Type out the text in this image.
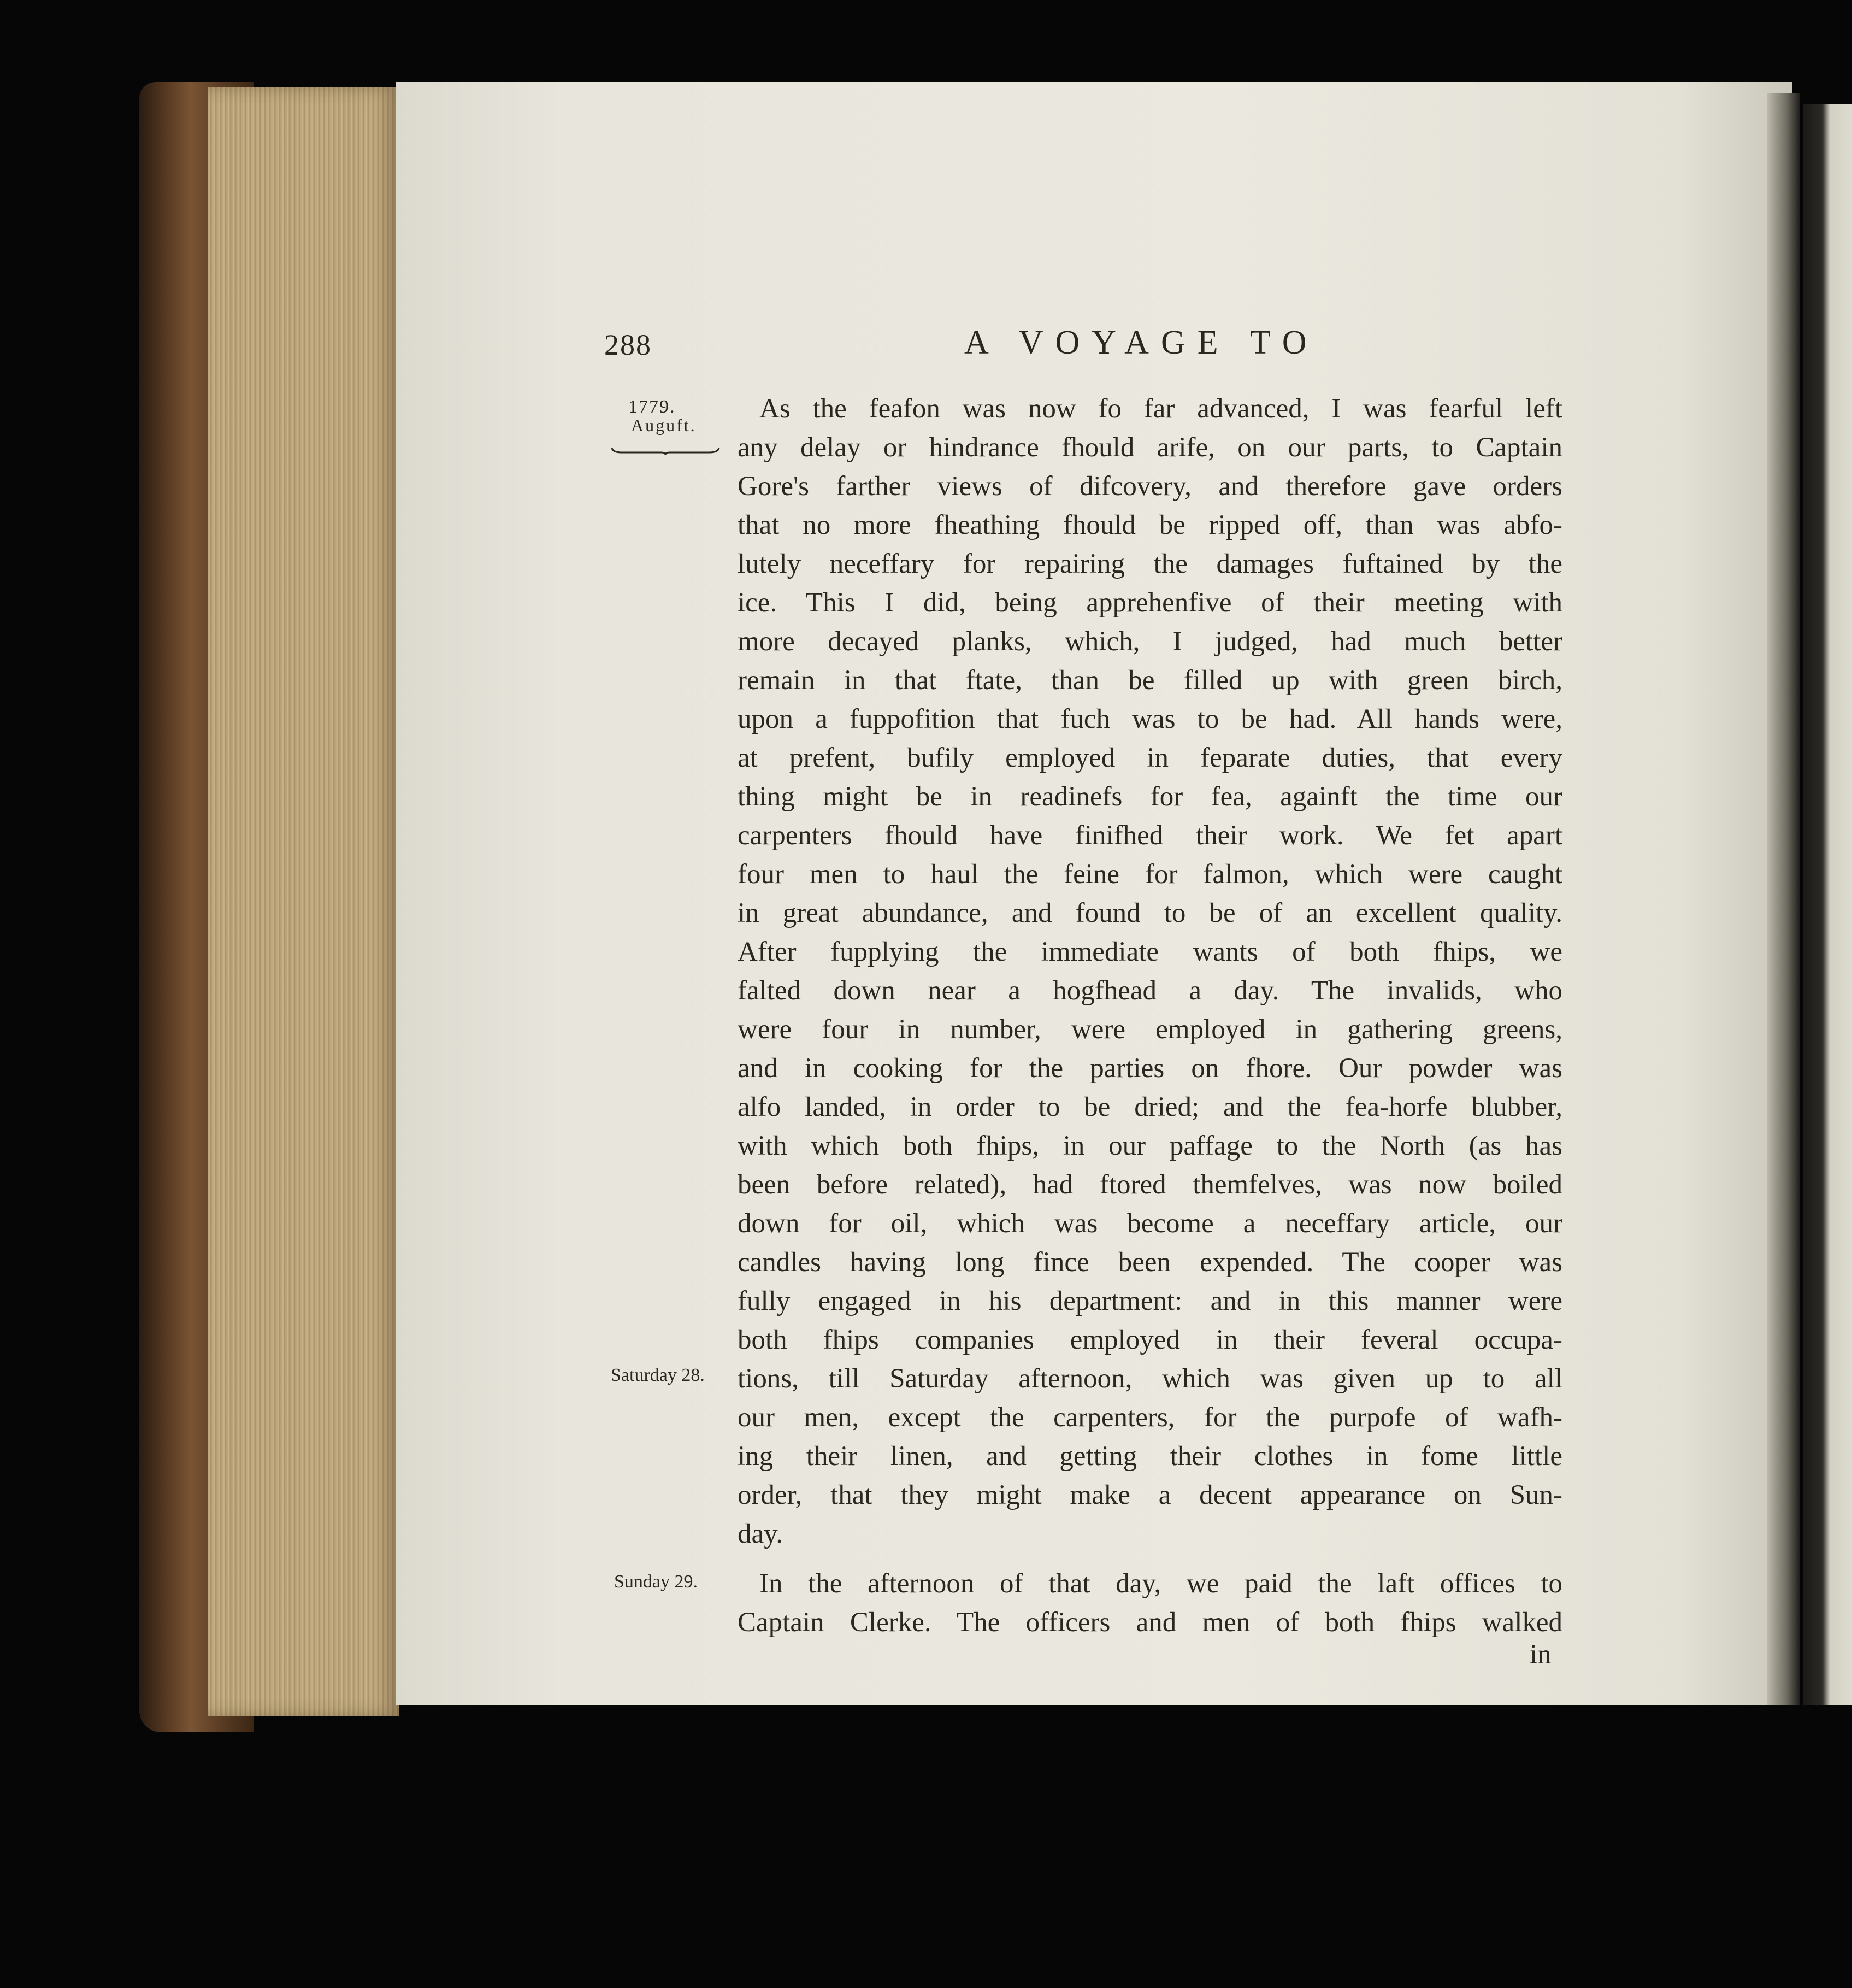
288	A VOYAGE TO
1779.
Auguft.
Saturday 28.
Sunday 29.
As the feafon was now fo far advanced, I was fearful left
any delay or hindrance fhould arife, on our parts, to Captain
Gore's farther views of difcovery, and therefore gave orders
that no more fheathing fhould be ripped off, than was abfo-
lutely neceffary for repairing the damages fuftained by the
ice. This I did, being apprehenfive of their meeting with
more decayed planks, which, I judged, had much better
remain in that ftate, than be filled up with green birch,
upon a fuppofition that fuch was to be had. All hands were,
at prefent, bufily employed in feparate duties, that every
thing might be in readinefs for fea, againft the time our
carpenters fhould have finifhed their work. We fet apart
four men to haul the feine for falmon, which were caught
in great abundance, and found to be of an excellent quality.
After fupplying the immediate wants of both fhips, we
falted down near a hogfhead a day. The invalids, who
were four in number, were employed in gathering greens,
and in cooking for the parties on fhore. Our powder was
alfo landed, in order to be dried; and the fea-horfe blubber,
with which both fhips, in our paffage to the North (as has
been before related), had ftored themfelves, was now boiled
down for oil, which was become a neceffary article, our
candles having long fince been expended. The cooper was
fully engaged in his department: and in this manner were
both fhips companies employed in their feveral occupa-
tions, till Saturday afternoon, which was given up to all
our men, except the carpenters, for the purpofe of wafh-
ing their linen, and getting their clothes in fome little
order, that they might make a decent appearance on Sun-
day.
In the afternoon of that day, we paid the laft offices to
Captain Clerke. The officers and men of both fhips walked
in
